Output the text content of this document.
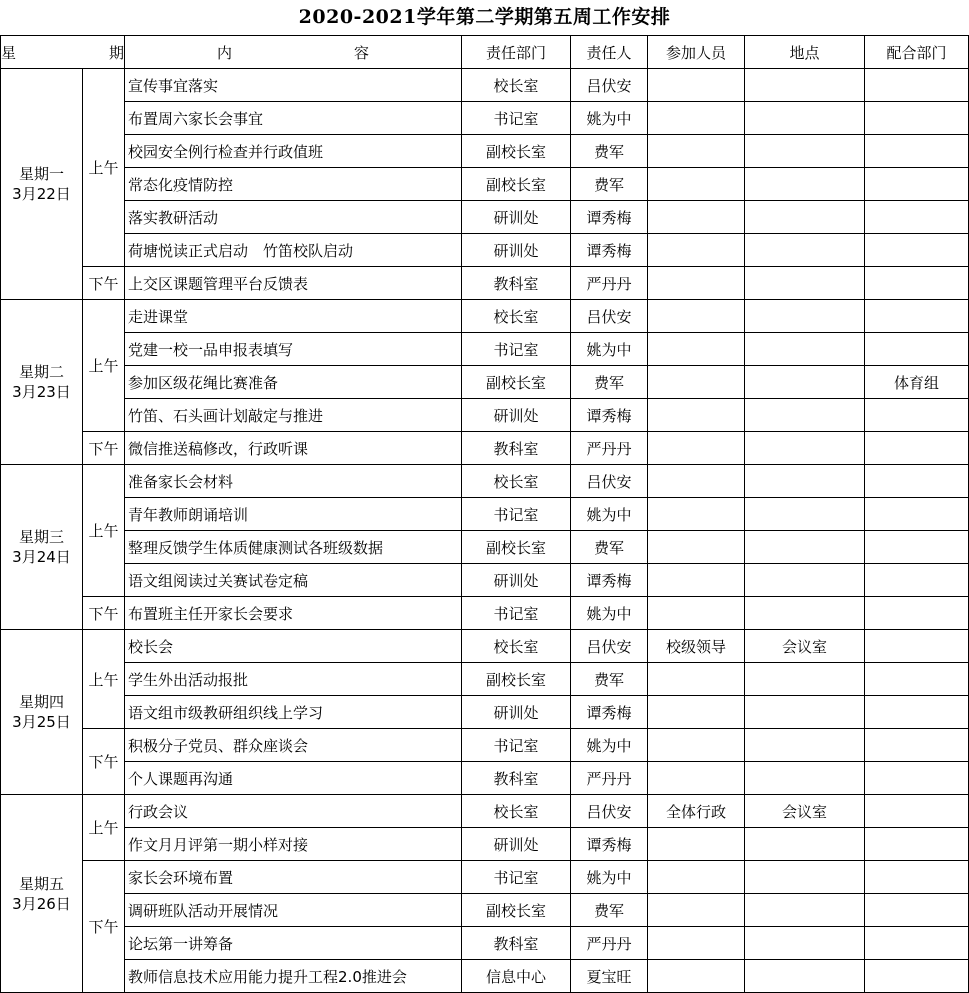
2020-2021学年第二学期第五周工作安排
星 期		内 容	责任部门	责任人	参加人员	地点	配合部门

星期一
3月22日	上午	宣传事宜落实	校长室	吕伏安			
		布置周六家长会事宜	书记室	姚为中			
		校园安全例行检查并行政值班	副校长室	费军			
		常态化疫情防控	副校长室	费军			
		落实教研活动	研训处	谭秀梅			
		荷塘悦读正式启动　竹笛校队启动	研训处	谭秀梅			
	下午	上交区课题管理平台反馈表	教科室	严丹丹			

星期二
3月23日	上午	走进课堂	校长室	吕伏安			
		党建一校一品申报表填写	书记室	姚为中			
		参加区级花绳比赛准备	副校长室	费军			体育组
		竹笛、石头画计划敲定与推进	研训处	谭秀梅			
	下午	微信推送稿修改，行政听课	教科室	严丹丹			

星期三
3月24日	上午	准备家长会材料	校长室	吕伏安			
		青年教师朗诵培训	书记室	姚为中			
		整理反馈学生体质健康测试各班级数据	副校长室	费军			
		语文组阅读过关赛试卷定稿	研训处	谭秀梅			
	下午	布置班主任开家长会要求	书记室	姚为中			

星期四
3月25日	上午	校长会	校长室	吕伏安	校级领导	会议室	
		学生外出活动报批	副校长室	费军			
		语文组市级教研组织线上学习	研训处	谭秀梅			
	下午	积极分子党员、群众座谈会	书记室	姚为中			
		个人课题再沟通	教科室	严丹丹			

星期五
3月26日	上午	行政会议	校长室	吕伏安	全体行政	会议室	
		作文月月评第一期小样对接	研训处	谭秀梅			
	下午	家长会环境布置	书记室	姚为中			
		调研班队活动开展情况	副校长室	费军			
		论坛第一讲筹备	教科室	严丹丹			
		教师信息技术应用能力提升工程2.0推进会	信息中心	夏宝旺			
